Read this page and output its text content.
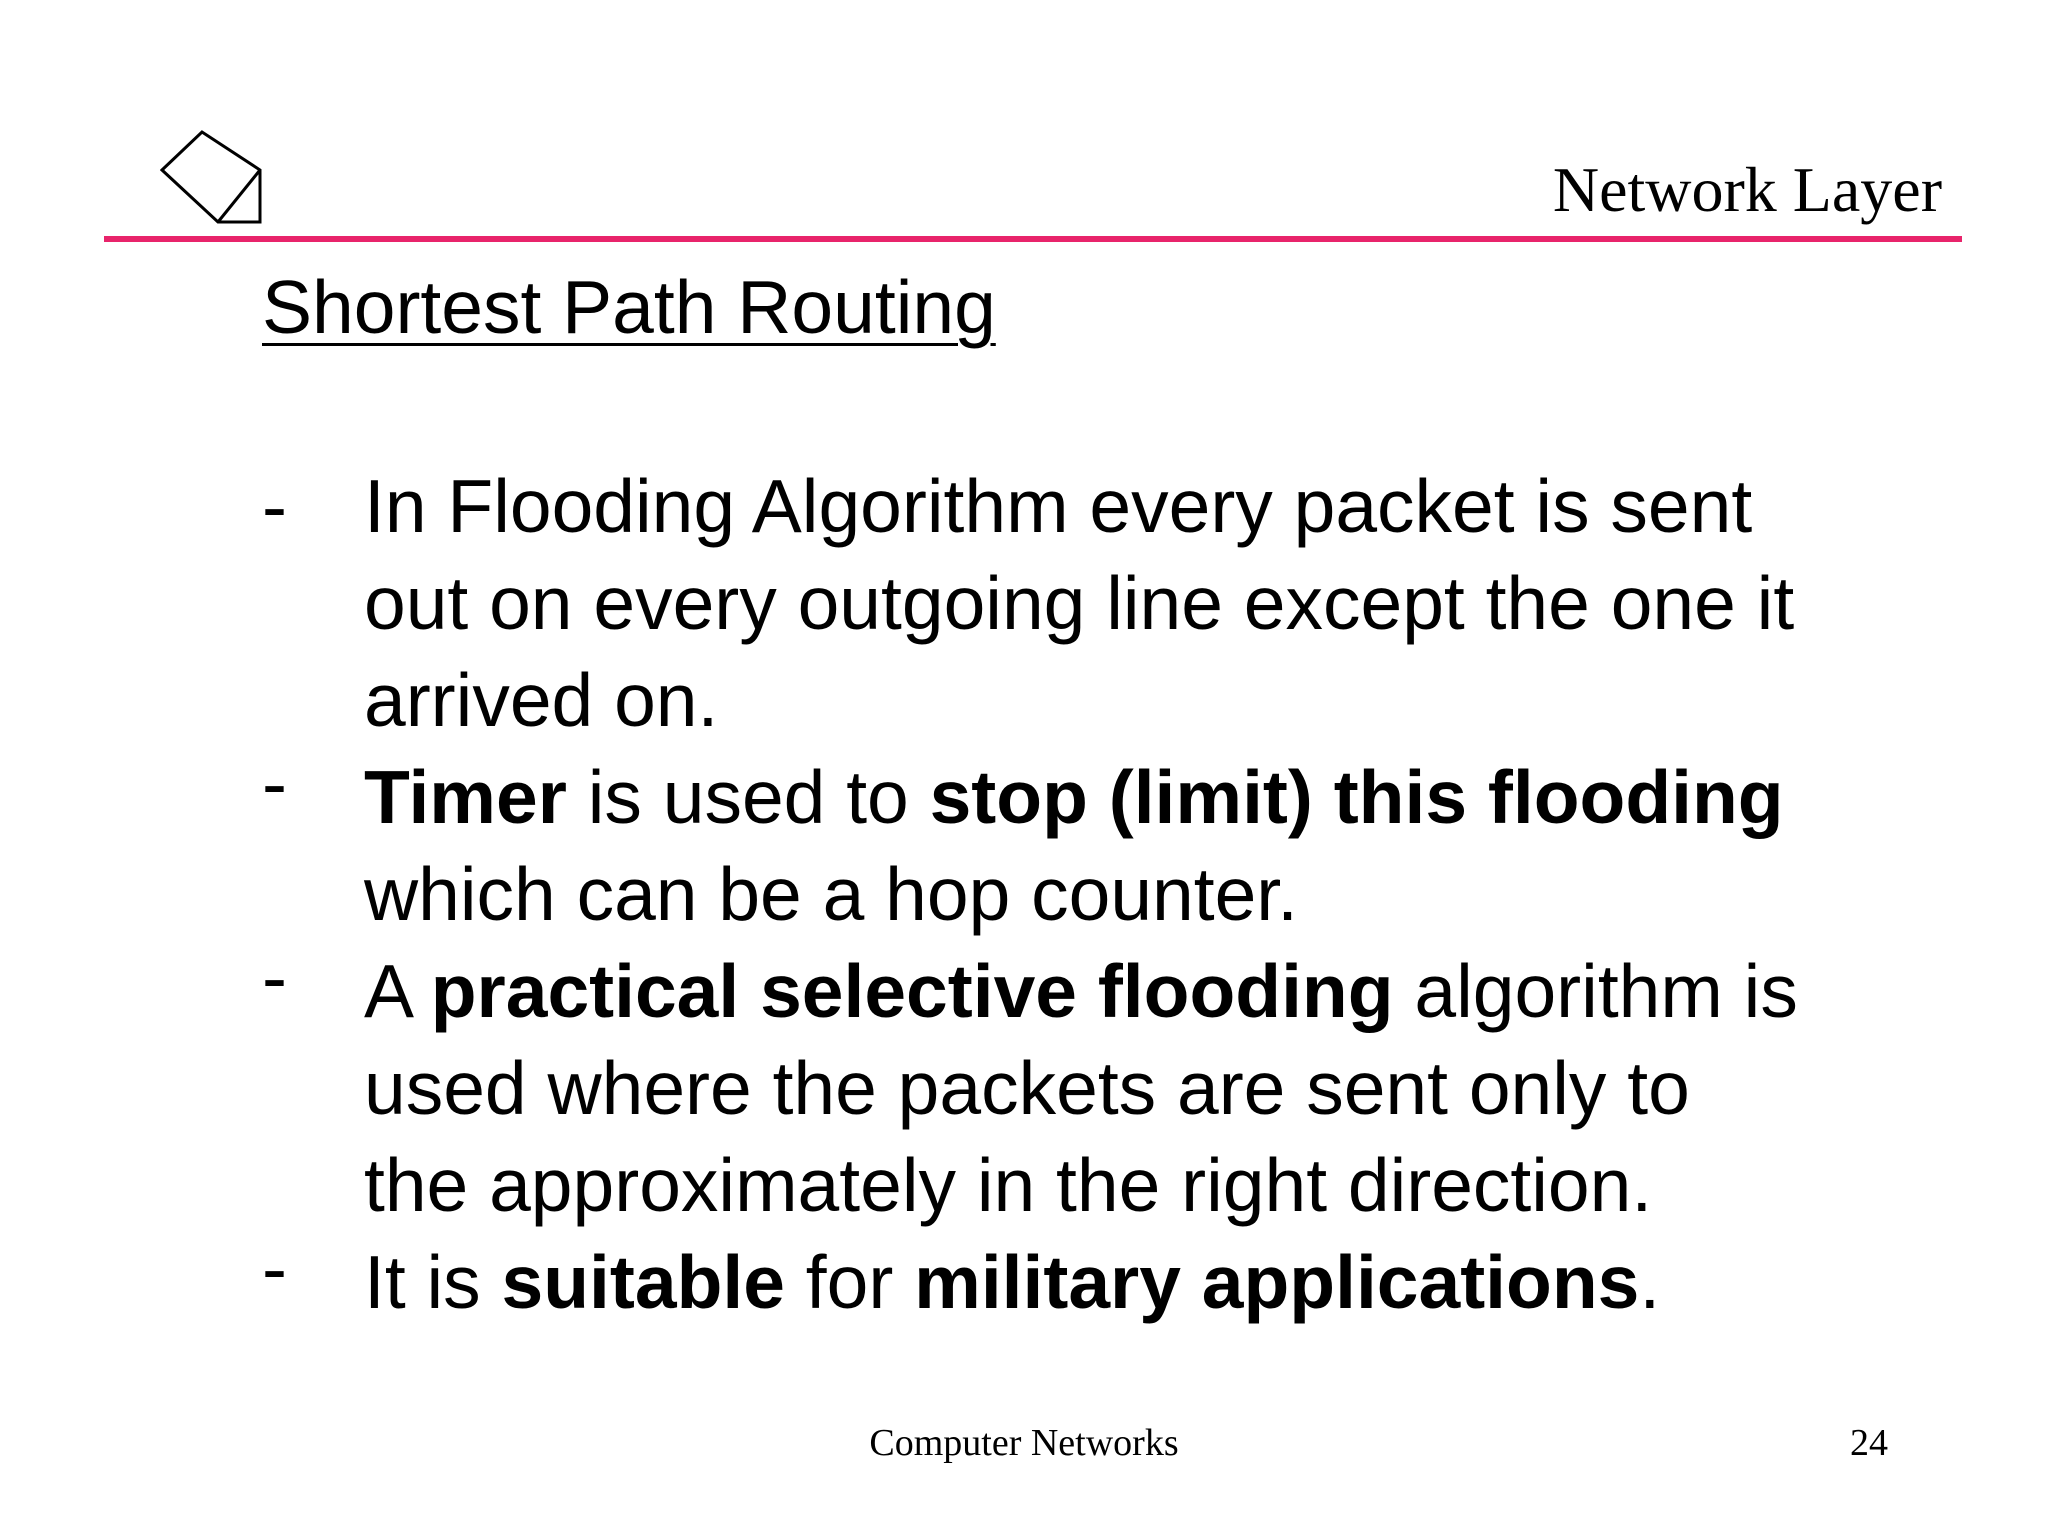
Network Layer
Shortest Path Routing
- In Flooding Algorithm every packet is sent
out on every outgoing line except the one it
arrived on.
- Timer is used to stop (limit) this flooding
which can be a hop counter.
- A practical selective flooding algorithm is
used where the packets are sent only to
the approximately in the right direction.
- It is suitable for military applications.
Computer Networks	24
